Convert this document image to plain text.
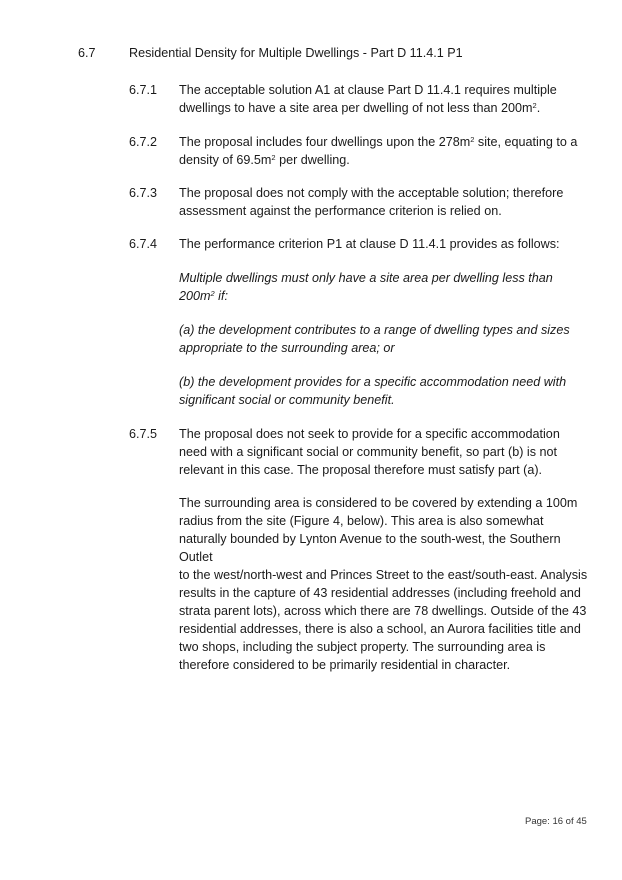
6.7	Residential Density for Multiple Dwellings - Part D 11.4.1 P1

6.7.1 The acceptable solution A1 at clause Part D 11.4.1 requires multiple
dwellings to have a site area per dwelling of not less than $200m^2$.

6.7.2 The proposal includes four dwellings upon the $278m^2$ site, equating to a
density of $69.5m^2$ per dwelling.

6.7.3 The proposal does not comply with the acceptable solution; therefore
assessment against the performance criterion is relied on.

6.7.4 The performance criterion P1 at clause D 11.4.1 provides as follows:
Multiple dwellings must only have a site area per dwelling less than
$200m^2$ if:
(a) the development contributes to a range of dwelling types and sizes
appropriate to the surrounding area; or
(b) the development provides for a specific accommodation need with
significant social or community benefit.

6.7.5 The proposal does not seek to provide for a specific accommodation
need with a significant social or community benefit, so part (b) is not
relevant in this case. The proposal therefore must satisfy part (a).
The surrounding area is considered to be covered by extending a 100m
radius from the site (Figure 4, below). This area is also somewhat
naturally bounded by Lynton Avenue to the south-west, the Southern Outlet
to the west/north-west and Princes Street to the east/south-east. Analysis
results in the capture of 43 residential addresses (including freehold and
strata parent lots), across which there are 78 dwellings. Outside of the 43
residential addresses, there is also a school, an Aurora facilities title and
two shops, including the subject property. The surrounding area is
therefore considered to be primarily residential in character.

Page: 16 of 45
